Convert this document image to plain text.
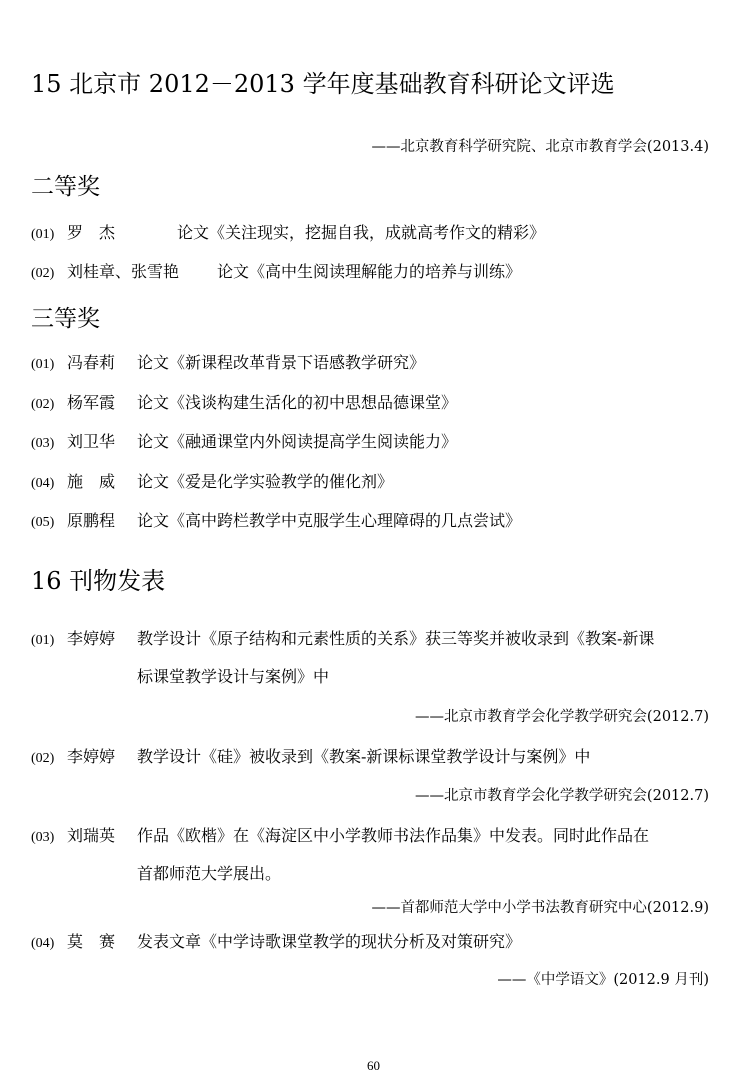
15 北京市 2012－2013 学年度基础教育科研论文评选
——北京教育科学研究院、北京市教育学会(2013.4)
二等奖
(01) 罗　杰	论文《关注现实，挖掘自我，成就高考作文的精彩》
(02) 刘桂章、张雪艳 论文《高中生阅读理解能力的培养与训练》
三等奖
(01) 冯春莉 论文《新课程改革背景下语感教学研究》
(02) 杨军霞 论文《浅谈构建生活化的初中思想品德课堂》
(03) 刘卫华 论文《融通课堂内外阅读提高学生阅读能力》
(04) 施　威 论文《爱是化学实验教学的催化剂》
(05) 原鹏程 论文《高中跨栏教学中克服学生心理障碍的几点尝试》
16 刊物发表
(01) 李婷婷 教学设计《原子结构和元素性质的关系》获三等奖并被收录到《教案-新课
标课堂教学设计与案例》中
——北京市教育学会化学教学研究会(2012.7)
(02) 李婷婷 教学设计《硅》被收录到《教案-新课标课堂教学设计与案例》中
——北京市教育学会化学教学研究会(2012.7)
(03) 刘瑞英 作品《欧楷》在《海淀区中小学教师书法作品集》中发表。同时此作品在
首都师范大学展出。
——首都师范大学中小学书法教育研究中心(2012.9)
(04) 莫　赛 发表文章《中学诗歌课堂教学的现状分析及对策研究》
——《中学语文》(2012.9 月刊)
60
